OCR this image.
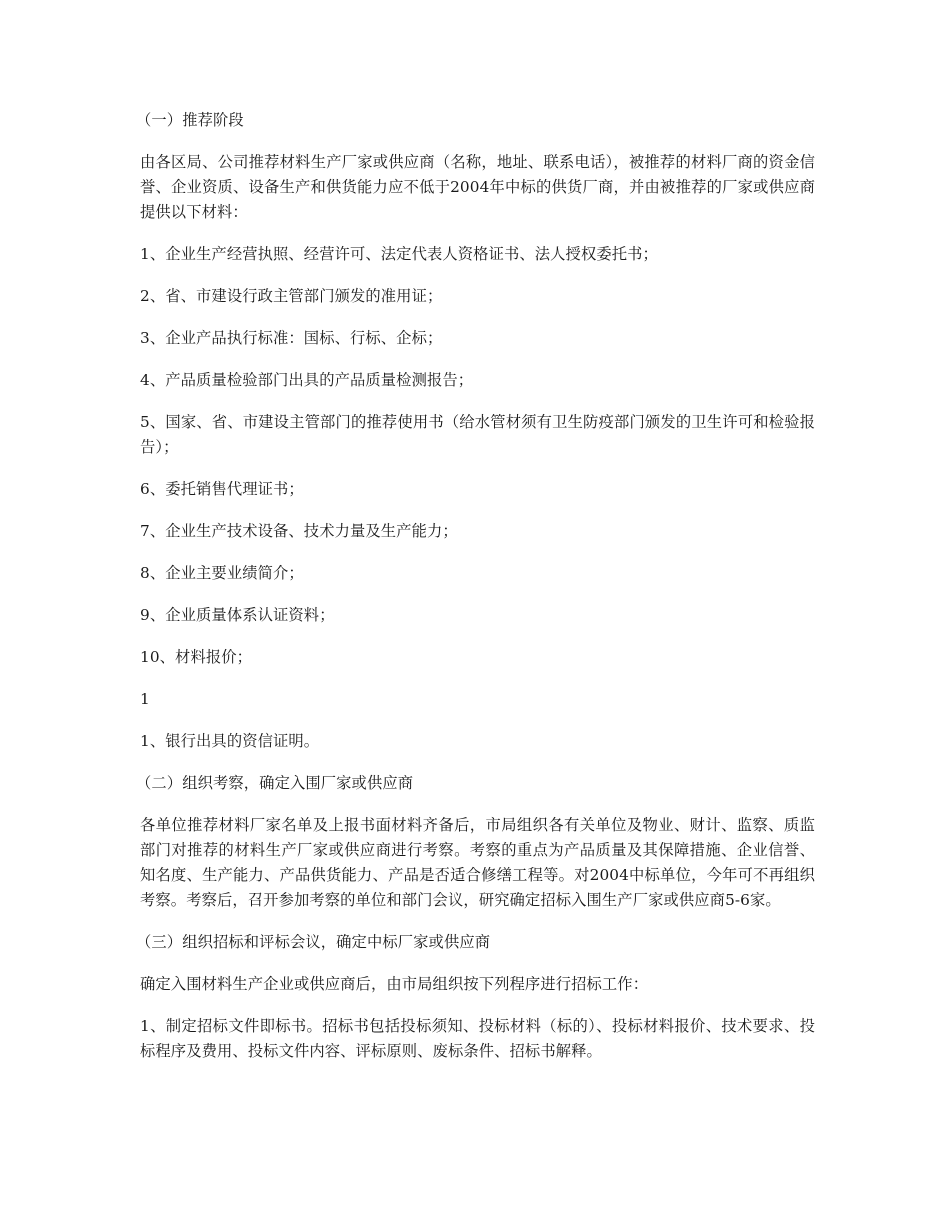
（一）推荐阶段

由各区局、公司推荐材料生产厂家或供应商（名称，地址、联系电话），被推荐的材料厂商的资金信誉、企业资质、设备生产和供货能力应不低于2004年中标的供货厂商，并由被推荐的厂家或供应商提供以下材料：

1、企业生产经营执照、经营许可、法定代表人资格证书、法人授权委托书；

2、省、市建设行政主管部门颁发的准用证；

3、企业产品执行标准：国标、行标、企标；

4、产品质量检验部门出具的产品质量检测报告；

5、国家、省、市建设主管部门的推荐使用书（给水管材须有卫生防疫部门颁发的卫生许可和检验报告）；

6、委托销售代理证书；

7、企业生产技术设备、技术力量及生产能力；

8、企业主要业绩简介；

9、企业质量体系认证资料；

10、材料报价；

1

1、银行出具的资信证明。

（二）组织考察，确定入围厂家或供应商

各单位推荐材料厂家名单及上报书面材料齐备后，市局组织各有关单位及物业、财计、监察、质监部门对推荐的材料生产厂家或供应商进行考察。考察的重点为产品质量及其保障措施、企业信誉、知名度、生产能力、产品供货能力、产品是否适合修缮工程等。对2004中标单位，今年可不再组织考察。考察后，召开参加考察的单位和部门会议，研究确定招标入围生产厂家或供应商5-6家。

（三）组织招标和评标会议，确定中标厂家或供应商

确定入围材料生产企业或供应商后，由市局组织按下列程序进行招标工作：

1、制定招标文件即标书。招标书包括投标须知、投标材料（标的）、投标材料报价、技术要求、投标程序及费用、投标文件内容、评标原则、废标条件、招标书解释。
